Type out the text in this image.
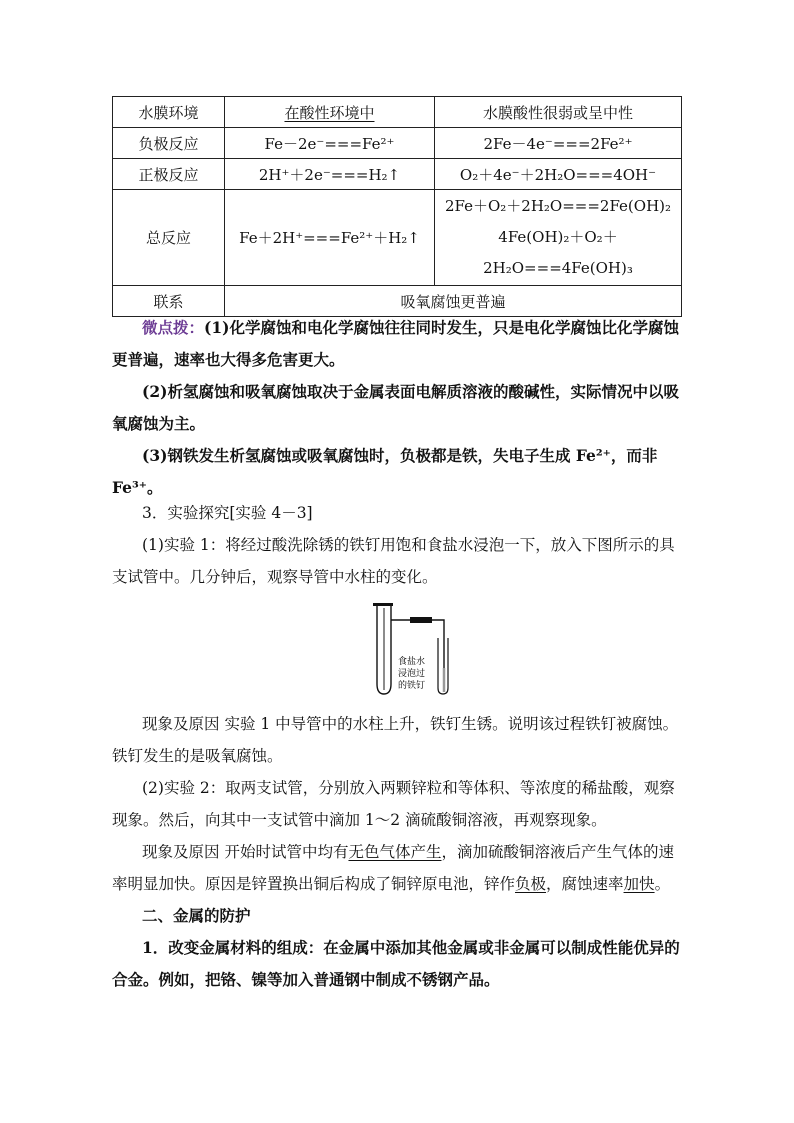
水膜环境	在酸性环境中	水膜酸性很弱或呈中性
负极反应	Fe－2e⁻===Fe²⁺	2Fe－4e⁻===2Fe²⁺
正极反应	2H⁺＋2e⁻===H₂↑	O₂＋4e⁻＋2H₂O===4OH⁻
总反应	Fe＋2H⁺===Fe²⁺＋H₂↑	2Fe＋O₂＋2H₂O===2Fe(OH)₂
4Fe(OH)₂＋O₂＋
2H₂O===4Fe(OH)₃

联系	吸氧腐蚀更普遍	

微点拨：(1)化学腐蚀和电化学腐蚀往往同时发生，只是电化学腐蚀比化学腐蚀更普遍，速率也大得多危害更大。

(2)析氢腐蚀和吸氧腐蚀取决于金属表面电解质溶液的酸碱性，实际情况中以吸氧腐蚀为主。

(3)钢铁发生析氢腐蚀或吸氧腐蚀时，负极都是铁，失电子生成 Fe²⁺，而非 Fe³⁺。

3．实验探究[实验 4－3]

(1)实验 1：将经过酸洗除锈的铁钉用饱和食盐水浸泡一下，放入下图所示的具支试管中。几分钟后，观察导管中水柱的变化。

食盐水
浸泡过
的铁钉

现象及原因 实验 1 中导管中的水柱上升，铁钉生锈。说明该过程铁钉被腐蚀。铁钉发生的是吸氧腐蚀。

(2)实验 2：取两支试管，分别放入两颗锌粒和等体积、等浓度的稀盐酸，观察现象。然后，向其中一支试管中滴加 1～2 滴硫酸铜溶液，再观察现象。

现象及原因 开始时试管中均有无色气体产生，滴加硫酸铜溶液后产生气体的速率明显加快。原因是锌置换出铜后构成了铜锌原电池，锌作负极，腐蚀速率加快。

二、金属的防护

1．改变金属材料的组成：在金属中添加其他金属或非金属可以制成性能优异的合金。例如，把铬、镍等加入普通钢中制成不锈钢产品。
